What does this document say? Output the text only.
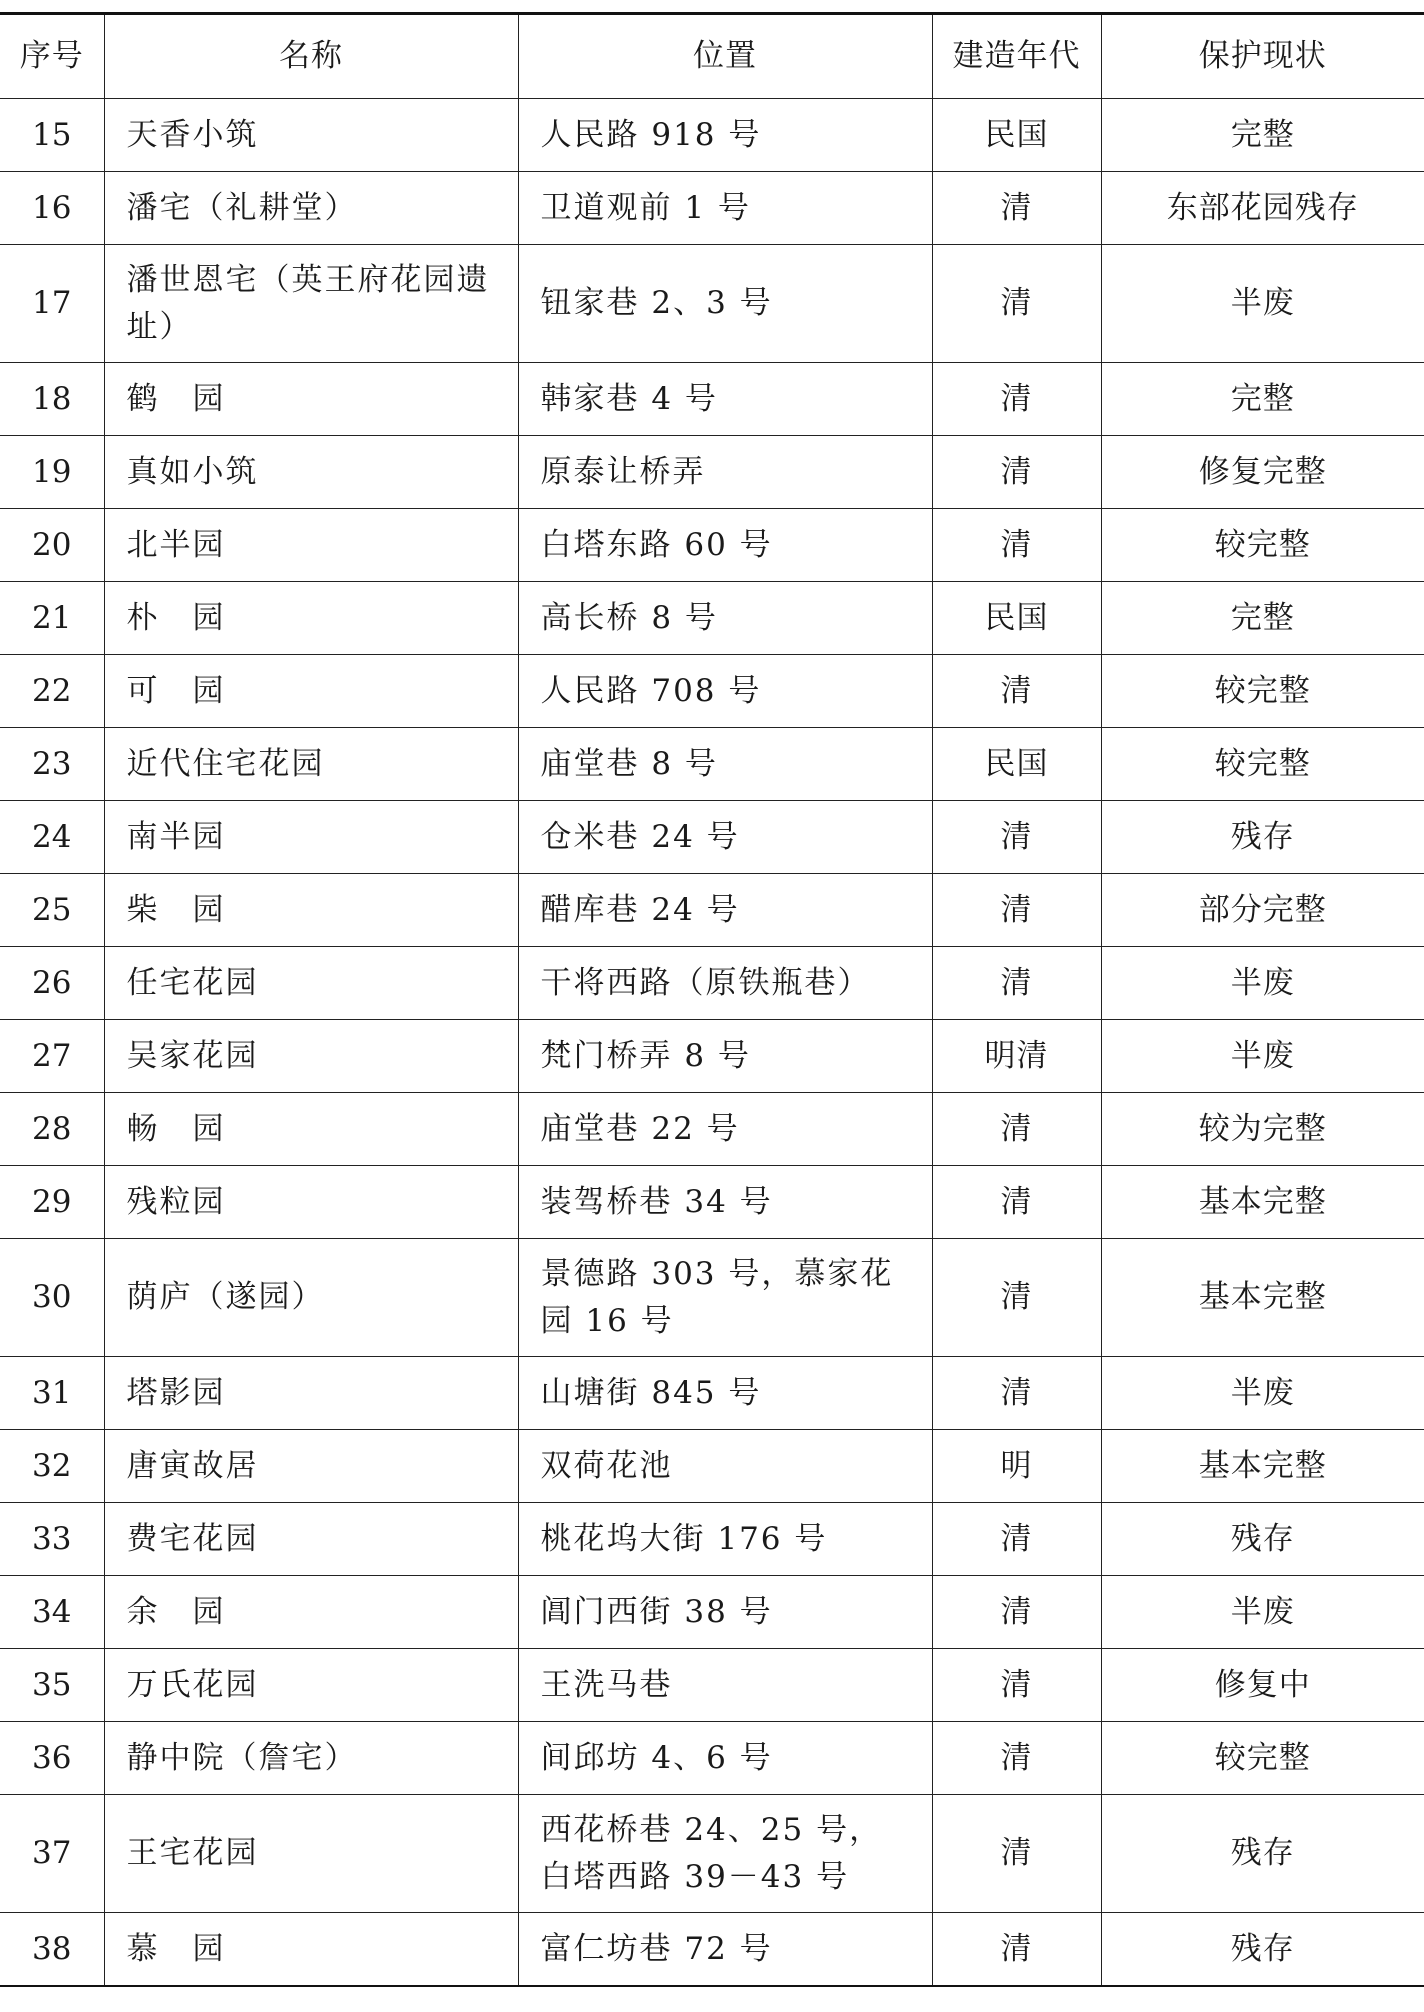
序号	名称	位置	建造年代	保护现状
15	天香小筑	人民路 918 号	民国	完整
16	潘宅（礼耕堂）	卫道观前 1 号	清	东部花园残存
17	潘世恩宅（英王府花园遗址）	钮家巷 2、3 号	清	半废
18	鹤　园	韩家巷 4 号	清	完整
19	真如小筑	原泰让桥弄	清	修复完整
20	北半园	白塔东路 60 号	清	较完整
21	朴　园	高长桥 8 号	民国	完整
22	可　园	人民路 708 号	清	较完整
23	近代住宅花园	庙堂巷 8 号	民国	较完整
24	南半园	仓米巷 24 号	清	残存
25	柴　园	醋库巷 24 号	清	部分完整
26	任宅花园	干将西路（原铁瓶巷）	清	半废
27	吴家花园	梵门桥弄 8 号	明清	半废
28	畅　园	庙堂巷 22 号	清	较为完整
29	残粒园	装驾桥巷 34 号	清	基本完整
30	荫庐（遂园）	景德路 303 号，慕家花园 16 号	清	基本完整
31	塔影园	山塘街 845 号	清	半废
32	唐寅故居	双荷花池	明	基本完整
33	费宅花园	桃花坞大街 176 号	清	残存
34	余　园	阊门西街 38 号	清	半废
35	万氏花园	王洗马巷	清	修复中
36	静中院（詹宅）	间邱坊 4、6 号	清	较完整
37	王宅花园	西花桥巷 24、25 号，白塔西路 39－43 号	清	残存
38	慕　园	富仁坊巷 72 号	清	残存
